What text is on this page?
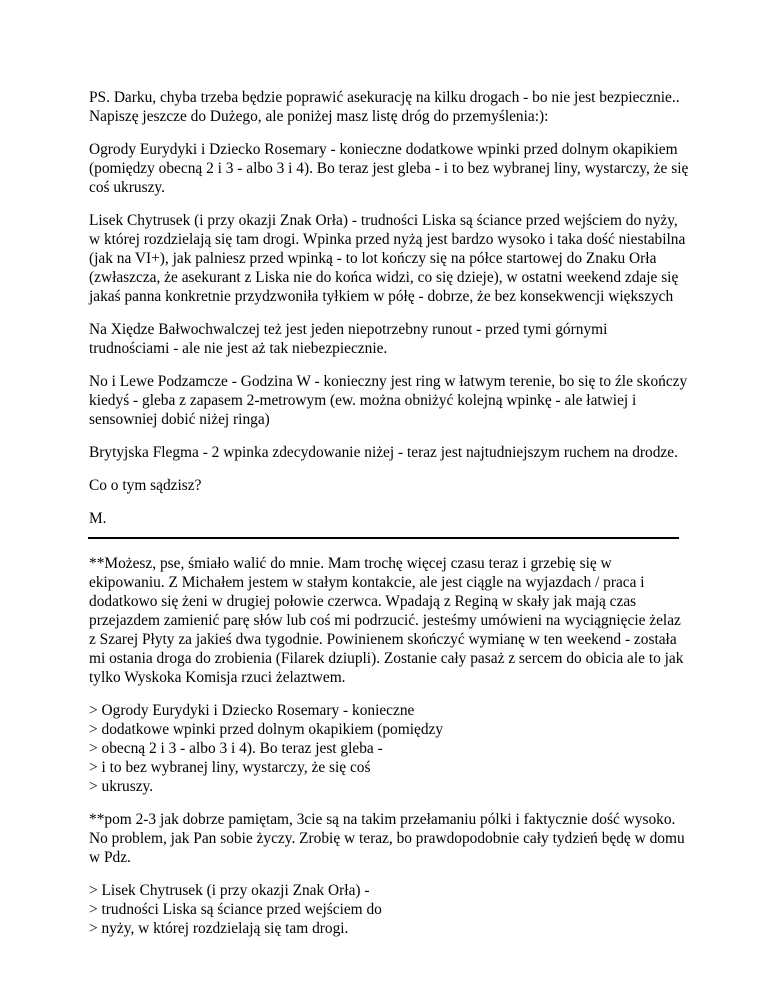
PS. Darku, chyba trzeba będzie poprawić asekurację na kilku drogach - bo nie jest bezpiecznie.. Napiszę jeszcze do Dużego, ale poniżej masz listę dróg do przemyślenia:):

Ogrody Eurydyki i Dziecko Rosemary - konieczne dodatkowe wpinki przed dolnym okapikiem (pomiędzy obecną 2 i 3 - albo 3 i 4). Bo teraz jest gleba - i to bez wybranej liny, wystarczy, że się coś ukruszy.

Lisek Chytrusek (i przy okazji Znak Orła) - trudności Liska są ściance przed wejściem do nyży, w której rozdzielają się tam drogi. Wpinka przed nyżą jest bardzo wysoko i taka dość niestabilna (jak na VI+), jak palniesz przed wpinką - to lot kończy się na półce startowej do Znaku Orła (zwłaszcza, że asekurant z Liska nie do końca widzi, co się dzieje), w ostatni weekend zdaje się jakaś panna konkretnie przydzwoniła tyłkiem w półę - dobrze, że bez konsekwencji większych

Na Xiędze Bałwochwalczej też jest jeden niepotrzebny runout - przed tymi górnymi trudnościami - ale nie jest aż tak niebezpiecznie.

No i Lewe Podzamcze - Godzina W - konieczny jest ring w łatwym terenie, bo się to źle skończy kiedyś - gleba z zapasem 2-metrowym (ew. można obniżyć kolejną wpinkę - ale łatwiej i sensowniej dobić niżej ringa)

Brytyjska Flegma - 2 wpinka zdecydowanie niżej - teraz jest najtudniejszym ruchem na drodze.

Co o tym sądzisz?

M.

**Możesz, pse, śmiało walić do mnie. Mam trochę więcej czasu teraz i grzebię się w ekipowaniu. Z Michałem jestem w stałym kontakcie, ale jest ciągle na wyjazdach / praca i dodatkowo się żeni w drugiej połowie czerwca. Wpadają z Reginą w skały jak mają czas przejazdem zamienić parę słów lub coś mi podrzucić. jesteśmy umówieni na wyciągnięcie żelaz z Szarej Płyty za jakieś dwa tygodnie. Powinienem skończyć wymianę w ten weekend - została mi ostania droga do zrobienia (Filarek dziupli). Zostanie cały pasaż z sercem do obicia ale to jak tylko Wyskoka Komisja rzuci żelaztwem.

> Ogrody Eurydyki i Dziecko Rosemary - konieczne
> dodatkowe wpinki przed dolnym okapikiem (pomiędzy
> obecną 2 i 3 - albo 3 i 4). Bo teraz jest gleba -
> i to bez wybranej liny, wystarczy, że się coś
> ukruszy.

**pom 2-3 jak dobrze pamiętam, 3cie są na takim przełamaniu pólki i faktycznie dość wysoko. No problem, jak Pan sobie życzy. Zrobię w teraz, bo prawdopodobnie cały tydzień będę w domu w Pdz.

> Lisek Chytrusek (i przy okazji Znak Orła) -
> trudności Liska są ściance przed wejściem do
> nyży, w której rozdzielają się tam drogi.
